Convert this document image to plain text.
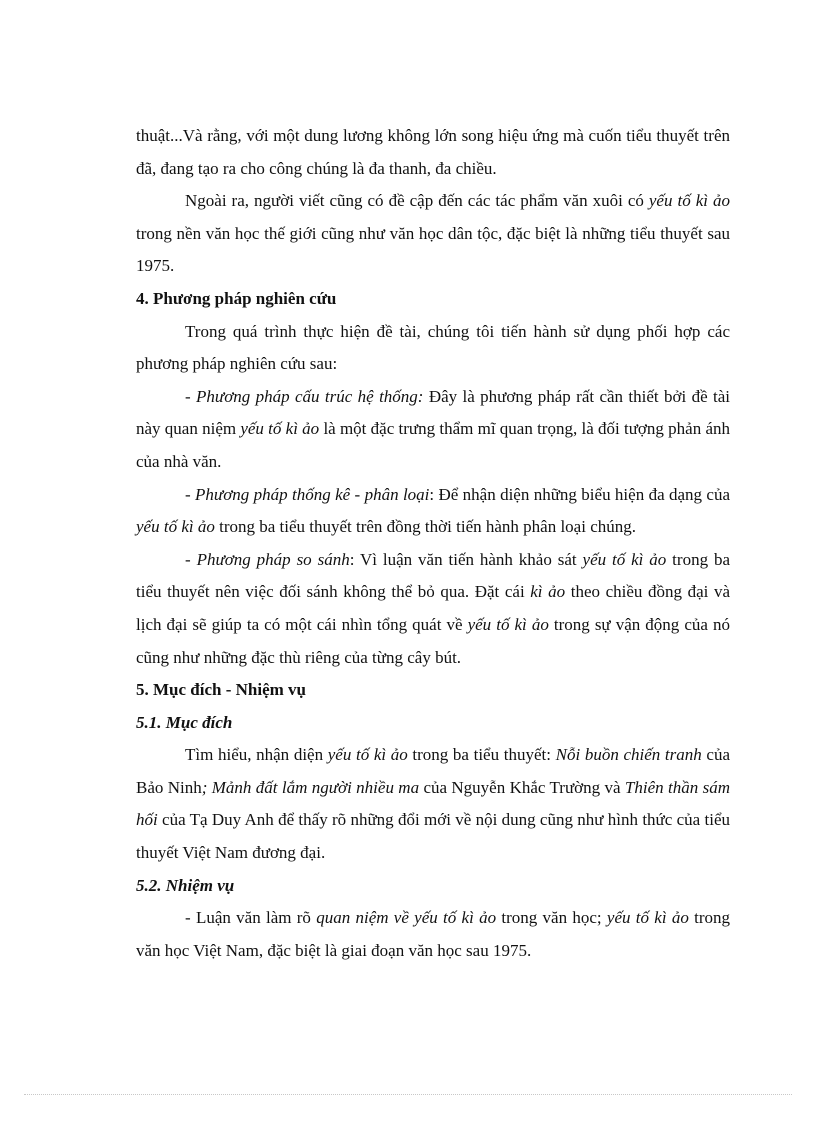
thuật...Và rằng, với một dung lương không lớn song hiệu ứng mà cuốn tiểu thuyết trên đã, đang tạo ra cho công chúng là đa thanh, đa chiều.

Ngoài ra, người viết cũng có đề cập đến các tác phẩm văn xuôi có yếu tố kì ảo trong nền văn học thế giới cũng như văn học dân tộc, đặc biệt là những tiểu thuyết sau 1975.

4. Phương pháp nghiên cứu

Trong quá trình thực hiện đề tài, chúng tôi tiến hành sử dụng phối hợp các phương pháp nghiên cứu sau:

- Phương pháp cấu trúc hệ thống: Đây là phương pháp rất cần thiết bởi đề tài này quan niệm yếu tố kì ảo là một đặc trưng thẩm mĩ quan trọng, là đối tượng phản ánh của nhà văn.

- Phương pháp thống kê - phân loại: Để nhận diện những biểu hiện đa dạng của yếu tố kì ảo trong ba tiểu thuyết trên đồng thời tiến hành phân loại chúng.

- Phương pháp so sánh: Vì luận văn tiến hành khảo sát yếu tố kì ảo trong ba tiểu thuyết nên việc đối sánh không thể bỏ qua. Đặt cái kì ảo theo chiều đồng đại và lịch đại sẽ giúp ta có một cái nhìn tổng quát về yếu tố kì ảo trong sự vận động của nó cũng như những đặc thù riêng của từng cây bút.

5. Mục đích - Nhiệm vụ
5.1. Mục đích

Tìm hiểu, nhận diện yếu tố kì ảo trong ba tiểu thuyết: Nỗi buồn chiến tranh của Bảo Ninh; Mảnh đất lắm người nhiều ma của Nguyễn Khắc Trường và Thiên thần sám hối của Tạ Duy Anh để thấy rõ những đổi mới về nội dung cũng như hình thức của tiểu thuyết Việt Nam đương đại.

5.2. Nhiệm vụ

- Luận văn làm rõ quan niệm về yếu tố kì ảo trong văn học; yếu tố kì ảo trong văn học Việt Nam, đặc biệt là giai đoạn văn học sau 1975.
